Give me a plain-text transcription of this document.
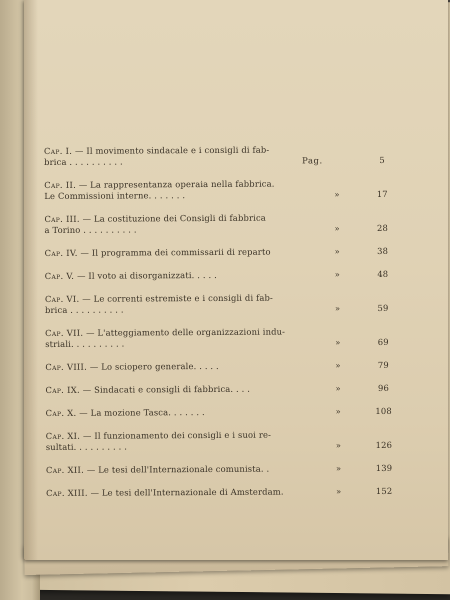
Cap. I. — Il movimento sindacale e i consigli di fab-
brica . . . . . . . . . .	Pag.	5
Cap. II. — La rappresentanza operaia nella fabbrica.
Le Commissioni interne. . . . . . .	»	17
Cap. III. — La costituzione dei Consigli di fabbrica
a Torino . . . . . . . . . .	»	28
Cap. IV. — Il programma dei commissarii di reparto	»	38
Cap. V. — Il voto ai disorganizzati. . . . .	»	48
Cap. VI. — Le correnti estremiste e i consigli di fab-
brica . . . . . . . . . .	»	59
Cap. VII. — L'atteggiamento delle organizzazioni indu-
striali. . . . . . . . . .	»	69
Cap. VIII. — Lo sciopero generale. . . . .	»	79
Cap. IX. — Sindacati e consigli di fabbrica. . . .	»	96
Cap. X. — La mozione Tasca. . . . . . .	»	108
Cap. XI. — Il funzionamento dei consigli e i suoi re-
sultati. . . . . . . . . .	»	126
Cap. XII. — Le tesi dell'Internazionale comunista. .	»	139
Cap. XIII. — Le tesi dell'Internazionale di Amsterdam.	»	152
